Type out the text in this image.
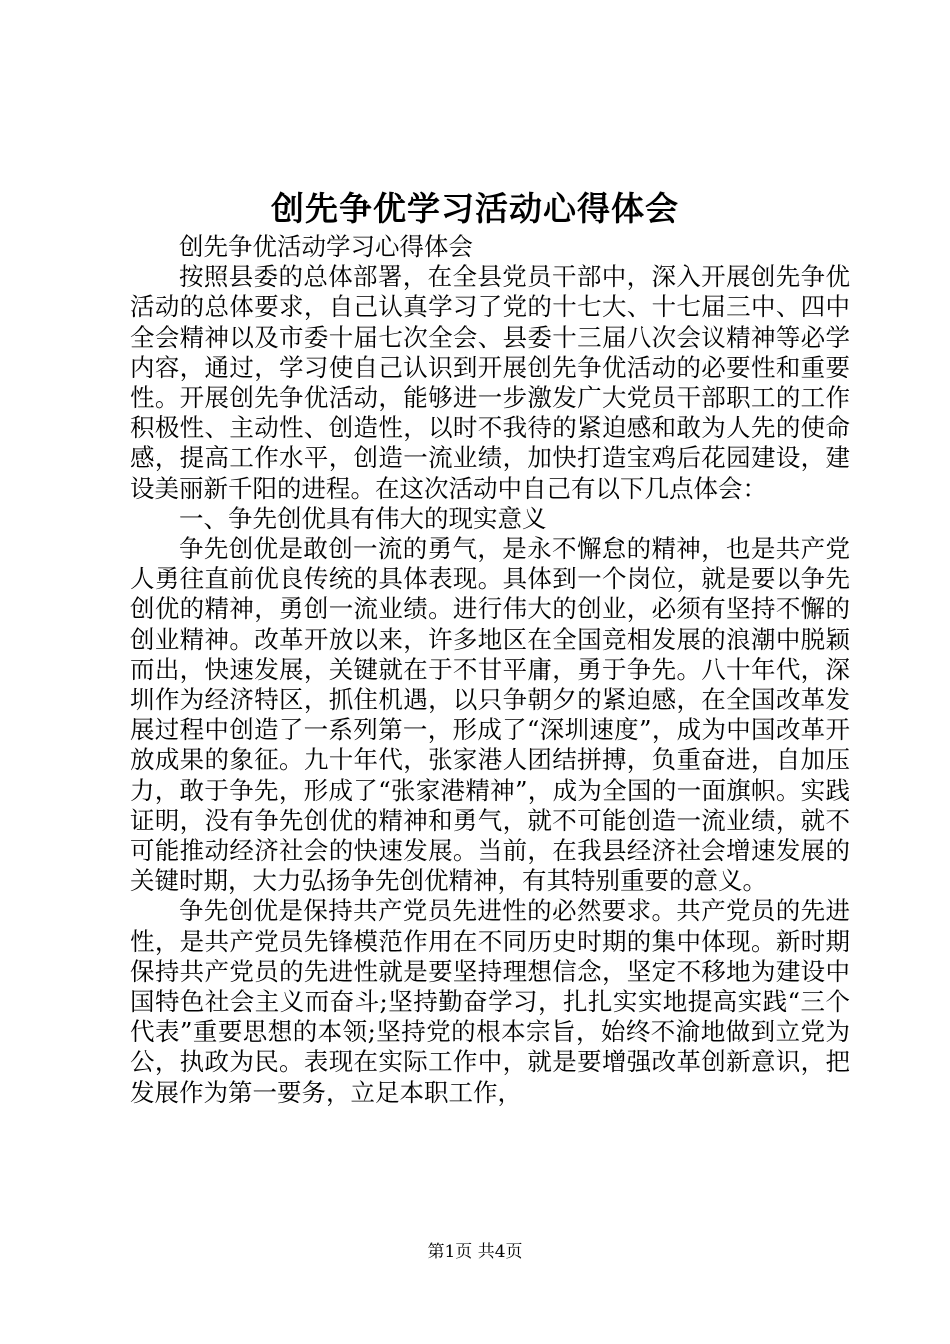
创先争优学习活动心得体会

创先争优活动学习心得体会

按照县委的总体部署，在全县党员干部中，深入开展创先争优活动的总体要求，自己认真学习了党的十七大、十七届三中、四中全会精神以及市委十届七次全会、县委十三届八次会议精神等必学内容，通过，学习使自己认识到开展创先争优活动的必要性和重要性。开展创先争优活动，能够进一步激发广大党员干部职工的工作积极性、主动性、创造性，以时不我待的紧迫感和敢为人先的使命感，提高工作水平，创造一流业绩，加快打造宝鸡后花园建设，建设美丽新千阳的进程。在这次活动中自己有以下几点体会：

一、争先创优具有伟大的现实意义

争先创优是敢创一流的勇气，是永不懈怠的精神，也是共产党人勇往直前优良传统的具体表现。具体到一个岗位，就是要以争先创优的精神，勇创一流业绩。进行伟大的创业，必须有坚持不懈的创业精神。改革开放以来，许多地区在全国竞相发展的浪潮中脱颖而出，快速发展，关键就在于不甘平庸，勇于争先。八十年代，深圳作为经济特区，抓住机遇，以只争朝夕的紧迫感，在全国改革发展过程中创造了一系列第一，形成了“深圳速度”，成为中国改革开放成果的象征。九十年代，张家港人团结拼搏，负重奋进，自加压力，敢于争先，形成了“张家港精神”，成为全国的一面旗帜。实践证明，没有争先创优的精神和勇气，就不可能创造一流业绩，就不可能推动经济社会的快速发展。当前，在我县经济社会增速发展的关键时期，大力弘扬争先创优精神，有其特别重要的意义。

争先创优是保持共产党员先进性的必然要求。共产党员的先进性，是共产党员先锋模范作用在不同历史时期的集中体现。新时期保持共产党员的先进性就是要坚持理想信念，坚定不移地为建设中国特色社会主义而奋斗;坚持勤奋学习，扎扎实实地提高实践“三个代表”重要思想的本领;坚持党的根本宗旨，始终不渝地做到立党为公，执政为民。表现在实际工作中，就是要增强改革创新意识，把发展作为第一要务，立足本职工作，

第1页 共4页
